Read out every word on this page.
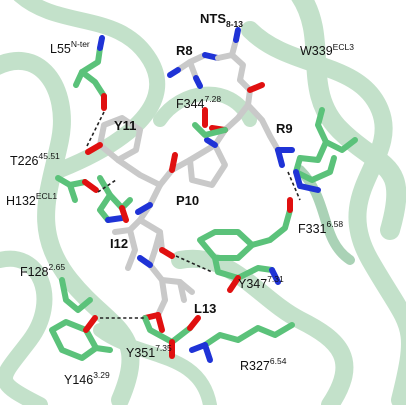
$NTS_{8-13}$
R8
R9
Y11
P10
I12
L13
$L55^{N-ter}$	$W339^{ECL3}$
$F344^{7.28}$
$T226^{45.51}$
$H132^{ECL1}$
$F331^{6.58}$
$F128^{2.65}$
$Y347^{7.31}$
$Y351^{7.35}$
$R327^{6.54}$
$Y146^{3.29}$
